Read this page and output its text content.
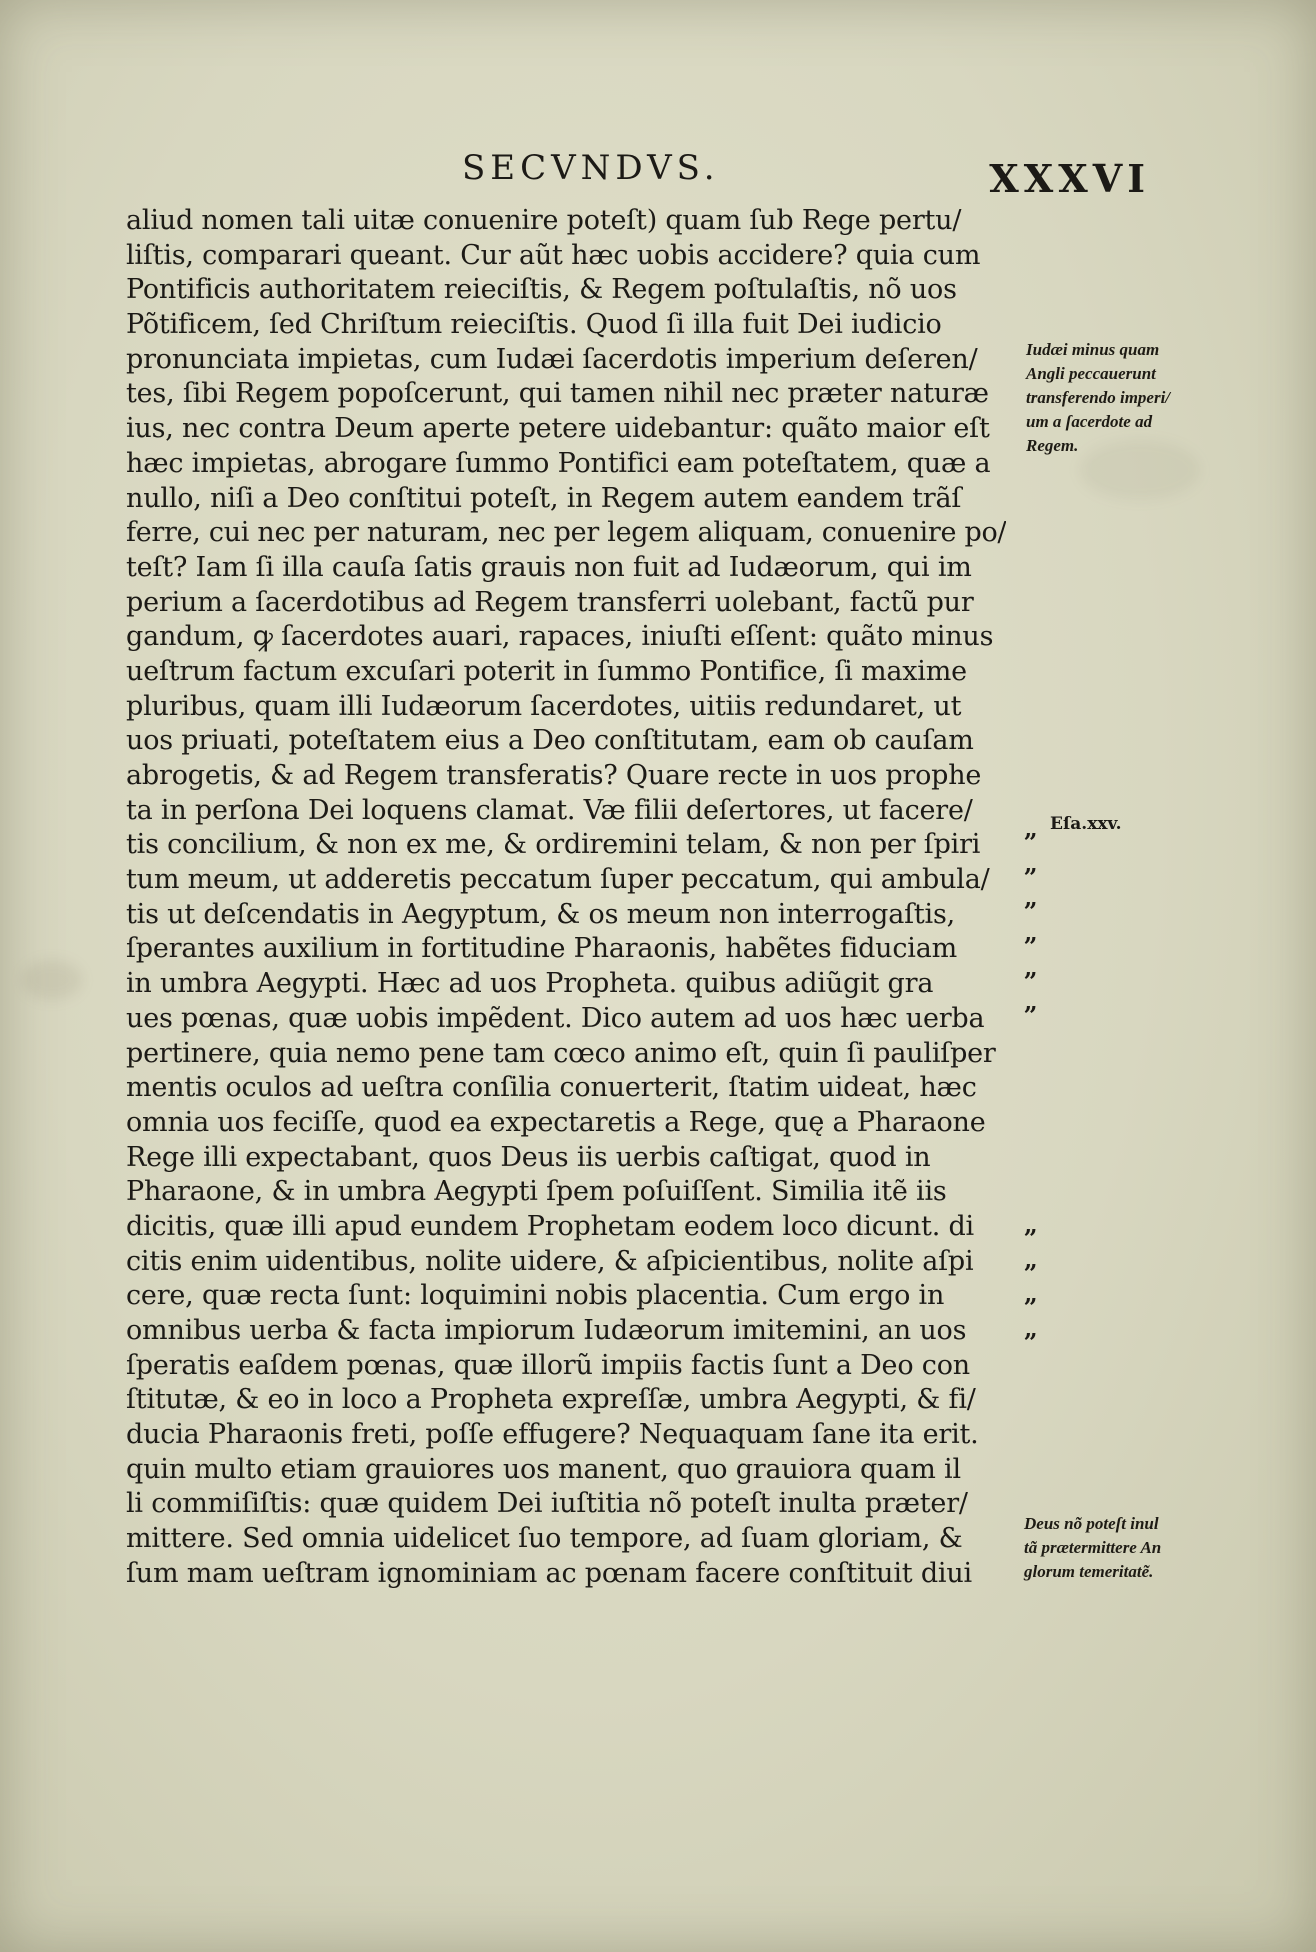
SECVNDVS.	XXXVI
aliud nomen tali uitæ conuenire poteſt) quam ſub Rege pertu/
liſtis, comparari queant. Cur aũt hæc uobis accidere? quia cum
Pontificis authoritatem reieciſtis, & Regem poſtulaſtis, nõ uos
Põtificem, ſed Chriſtum reieciſtis. Quod ſi illa fuit Dei iudicio
pronunciata impietas, cum Iudæi ſacerdotis imperium deſeren/
tes, ſibi Regem popoſcerunt, qui tamen nihil nec præter naturæ
ius, nec contra Deum aperte petere uidebantur: quãto maior eſt
hæc impietas, abrogare ſummo Pontifici eam poteſtatem, quæ a
nullo, niſi a Deo conſtitui poteſt, in Regem autem eandem trãſ
ferre, cui nec per naturam, nec per legem aliquam, conuenire po/
teſt? Iam ſi illa cauſa ſatis grauis non fuit ad Iudæorum, qui im
perium a ſacerdotibus ad Regem transferri uolebant, factũ pur
gandum, ꝙ ſacerdotes auari, rapaces, iniuſti eſſent: quãto minus
ueſtrum factum excuſari poterit in ſummo Pontifice, ſi maxime
pluribus, quam illi Iudæorum ſacerdotes, uitiis redundaret, ut
uos priuati, poteſtatem eius a Deo conſtitutam, eam ob cauſam
abrogetis, & ad Regem transferatis? Quare recte in uos prophe
ta in perſona Dei loquens clamat. Væ filii deſertores, ut facere/
tis concilium, & non ex me, & ordiremini telam, & non per ſpiri
tum meum, ut adderetis peccatum ſuper peccatum, qui ambula/
tis ut deſcendatis in Aegyptum, & os meum non interrogaſtis,
ſperantes auxilium in fortitudine Pharaonis, habẽtes fiduciam
in umbra Aegypti. Hæc ad uos Propheta. quibus adiũgit gra
ues pœnas, quæ uobis impẽdent. Dico autem ad uos hæc uerba
pertinere, quia nemo pene tam cœco animo eſt, quin ſi pauliſper
mentis oculos ad ueſtra conſilia conuerterit, ſtatim uideat, hæc
omnia uos feciſſe, quod ea expectaretis a Rege, quę a Pharaone
Rege illi expectabant, quos Deus iis uerbis caſtigat, quod in
Pharaone, & in umbra Aegypti ſpem poſuiſſent. Similia itẽ iis
dicitis, quæ illi apud eundem Prophetam eodem loco dicunt. di
citis enim uidentibus, nolite uidere, & aſpicientibus, nolite aſpi
cere, quæ recta ſunt: loquimini nobis placentia. Cum ergo in
omnibus uerba & facta impiorum Iudæorum imitemini, an uos
ſperatis eaſdem pœnas, quæ illorũ impiis factis ſunt a Deo con
ſtitutæ, & eo in loco a Propheta expreſſæ, umbra Aegypti, & fi/
ducia Pharaonis freti, poſſe effugere? Nequaquam ſane ita erit.
quin multo etiam grauiores uos manent, quo grauiora quam il
li commiſiſtis: quæ quidem Dei iuſtitia nõ poteſt inulta præter/
mittere. Sed omnia uidelicet ſuo tempore, ad ſuam gloriam, &
ſum mam ueſtram ignominiam ac pœnam facere conſtituit diui
Iudæi minus quam
Angli peccauerunt
transferendo imperi/
um a ſacerdote ad
Regem.
Eſa.xxv.
„
„
„
„
„
„
„
„
„
„
Deus nõ poteſt inul
tã prætermittere An
glorum temeritatẽ.
